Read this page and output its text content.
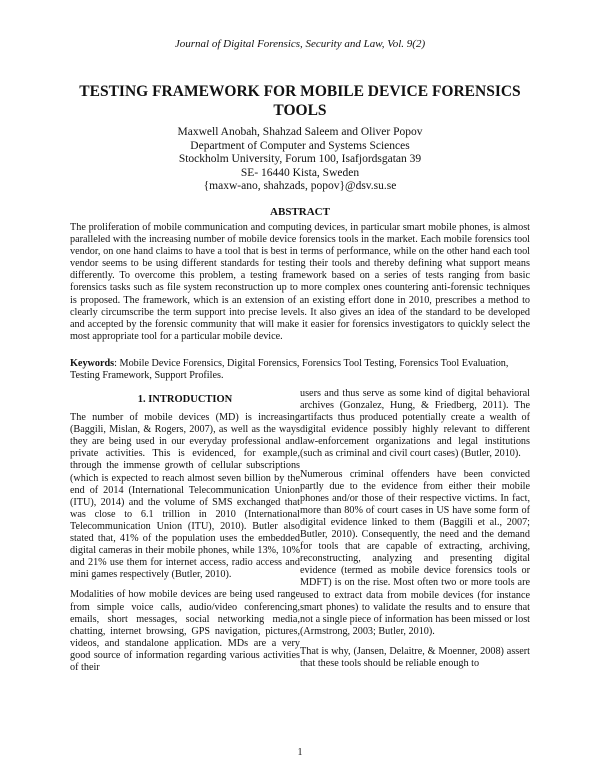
Journal of Digital Forensics, Security and Law, Vol. 9(2)
TESTING FRAMEWORK FOR MOBILE DEVICE FORENSICS TOOLS
Maxwell Anobah, Shahzad Saleem and Oliver Popov
Department of Computer and Systems Sciences
Stockholm University, Forum 100, Isafjordsgatan 39
SE- 16440 Kista, Sweden
{maxw-ano, shahzads, popov}@dsv.su.se
ABSTRACT

The proliferation of mobile communication and computing devices, in particular smart mobile phones, is almost paralleled with the increasing number of mobile device forensics tools in the market. Each mobile forensics tool vendor, on one hand claims to have a tool that is best in terms of performance, while on the other hand each tool vendor seems to be using different standards for testing their tools and thereby defining what support means differently. To overcome this problem, a testing framework based on a series of tests ranging from basic forensics tasks such as file system reconstruction up to more complex ones countering anti-forensic techniques is proposed. The framework, which is an extension of an existing effort done in 2010, prescribes a method to clearly circumscribe the term support into precise levels. It also gives an idea of the standard to be developed and accepted by the forensic community that will make it easier for forensics investigators to quickly select the most appropriate tool for a particular mobile device.

Keywords: Mobile Device Forensics, Digital Forensics, Forensics Tool Testing, Forensics Tool Evaluation, Testing Framework, Support Profiles.

1. INTRODUCTION

The number of mobile devices (MD) is increasing (Baggili, Mislan, & Rogers, 2007), as well as the ways they are being used in our everyday professional and private activities. This is evidenced, for example, through the immense growth of cellular subscriptions (which is expected to reach almost seven billion by the end of 2014 (International Telecommunication Union (ITU), 2014) and the volume of SMS exchanged that was close to 6.1 trillion in 2010 (International Telecommunication Union (ITU), 2010). Butler also stated that, 41% of the population uses the embedded digital cameras in their mobile phones, while 13%, 10% and 21% use them for internet access, radio access and mini games respectively (Butler, 2010).

Modalities of how mobile devices are being used range from simple voice calls, audio/video conferencing, emails, short messages, social networking media, chatting, internet browsing, GPS navigation, pictures, videos, and standalone application. MDs are a very good source of information regarding various activities of their

users and thus serve as some kind of digital behavioral archives (Gonzalez, Hung, & Friedberg, 2011). The artifacts thus produced potentially create a wealth of digital evidence possibly highly relevant to different law-enforcement organizations and legal institutions (such as criminal and civil court cases) (Butler, 2010).

Numerous criminal offenders have been convicted partly due to the evidence from either their mobile phones and/or those of their respective victims. In fact, more than 80% of court cases in US have some form of digital evidence linked to them (Baggili et al., 2007; Butler, 2010). Consequently, the need and the demand for tools that are capable of extracting, archiving, reconstructing, analyzing and presenting digital evidence (termed as mobile device forensics tools or MDFT) is on the rise. Most often two or more tools are used to extract data from mobile devices (for instance smart phones) to validate the results and to ensure that not a single piece of information has been missed or lost (Armstrong, 2003; Butler, 2010).

That is why, (Jansen, Delaitre, & Moenner, 2008) assert that these tools should be reliable enough to

1
